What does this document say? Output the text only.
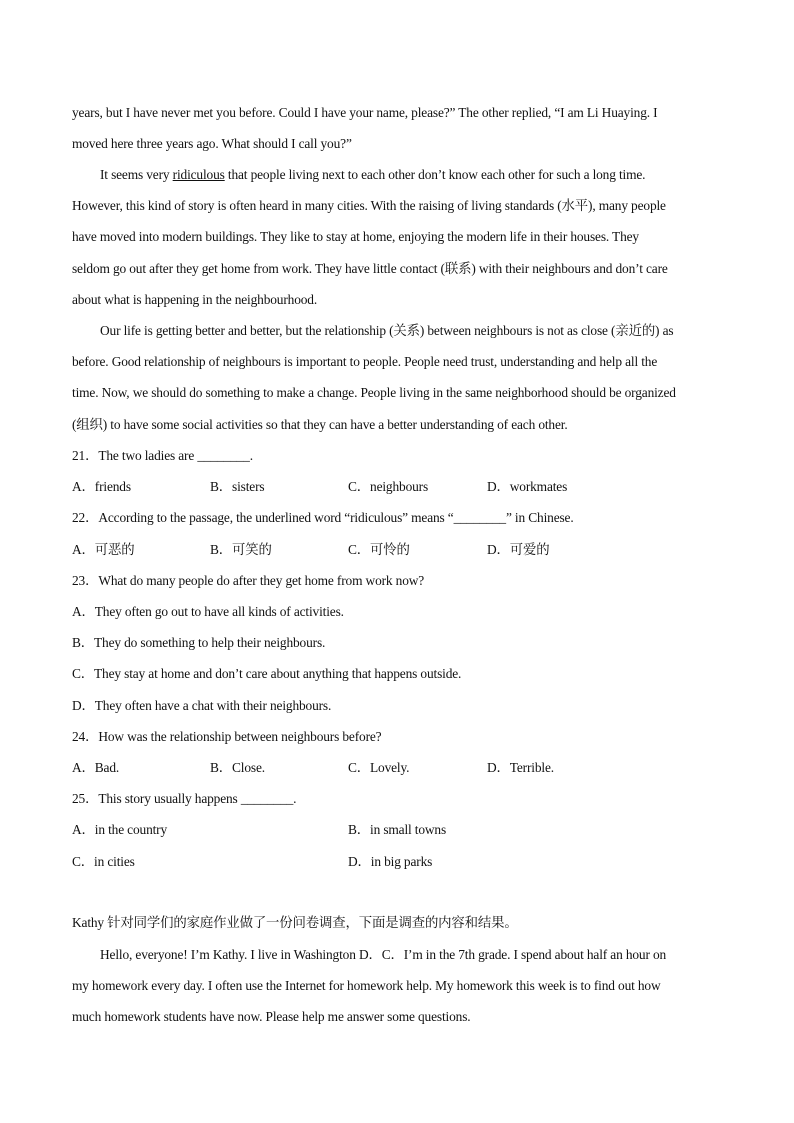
years, but I have never met you before. Could I have your name, please?” The other replied, “I am Li Huaying. I
moved here three years ago. What should I call you?”
It seems very ridiculous that people living next to each other don’t know each other for such a long time.
However, this kind of story is often heard in many cities. With the raising of living standards (水平), many people
have moved into modern buildings. They like to stay at home, enjoying the modern life in their houses. They
seldom go out after they get home from work. They have little contact (联系) with their neighbours and don’t care
about what is happening in the neighbourhood.
Our life is getting better and better, but the relationship (关系) between neighbours is not as close (亲近的) as
before. Good relationship of neighbours is important to people. People need trust, understanding and help all the
time. Now, we should do something to make a change. People living in the same neighborhood should be organized
(组织) to have some social activities so that they can have a better understanding of each other.
21．The two ladies are ________.
A．friends	B．sisters	C．neighbours	D．workmates
22．According to the passage, the underlined word “ridiculous” means “________” in Chinese.
A．可恶的	B．可笑的	C．可怜的	D．可爱的
23．What do many people do after they get home from work now?
A．They often go out to have all kinds of activities.
B．They do something to help their neighbours.
C．They stay at home and don’t care about anything that happens outside.
D．They often have a chat with their neighbours.
24．How was the relationship between neighbours before?
A．Bad.	B．Close.	C．Lovely.	D．Terrible.
25．This story usually happens ________.
A．in the country	B．in small towns
C．in cities	D．in big parks
Kathy 针对同学们的家庭作业做了一份问卷调查，下面是调查的内容和结果。
Hello, everyone! I’m Kathy. I live in Washington D．C．I’m in the 7th grade. I spend about half an hour on
my homework every day. I often use the Internet for homework help. My homework this week is to find out how
much homework students have now. Please help me answer some questions.
